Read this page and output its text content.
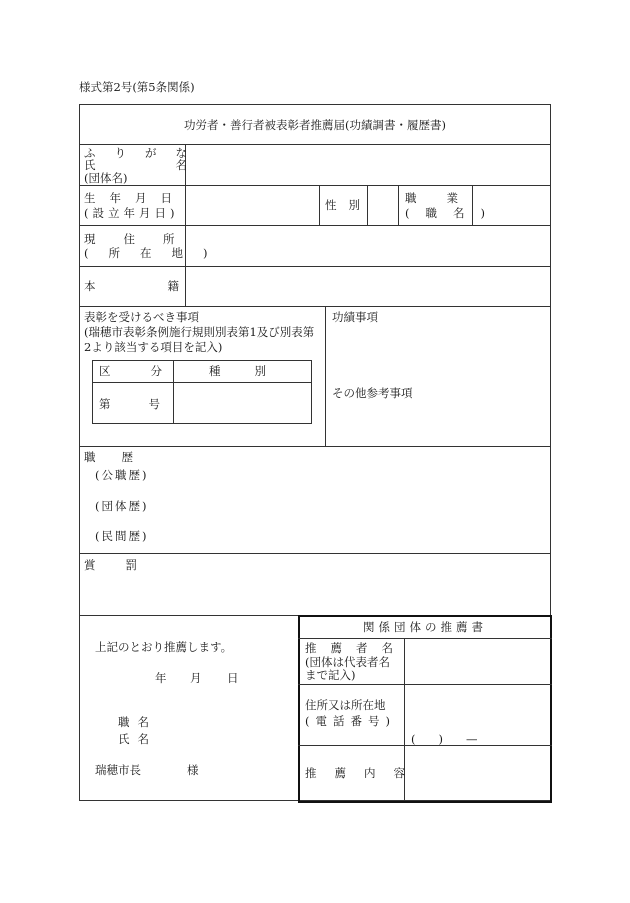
様式第2号(第5条関係)
功労者・善行者被表彰者推薦届(功績調書・履歴書)
ふりがな
氏名
(団体名)
生年月日
(設立年月日)
性別	職業
(職名)
現住所
(所在地)
本籍
表彰を受けるべき事項
(瑞穂市表彰条例施行規則別表第1及び別表第
2より該当する項目を記入)
区分 種別
第号
功績事項
その他参考事項
職歴
(公職歴)
(団体歴)
(民間歴)
賞罰
上記のとおり推薦します。
年 月 日
職名
氏名
瑞穂市長	様
関係団体の推薦書
推薦者名
(団体は代表者名
まで記入)
住所又は所在地
(電話番号)
(　　)　　—
推薦内容
